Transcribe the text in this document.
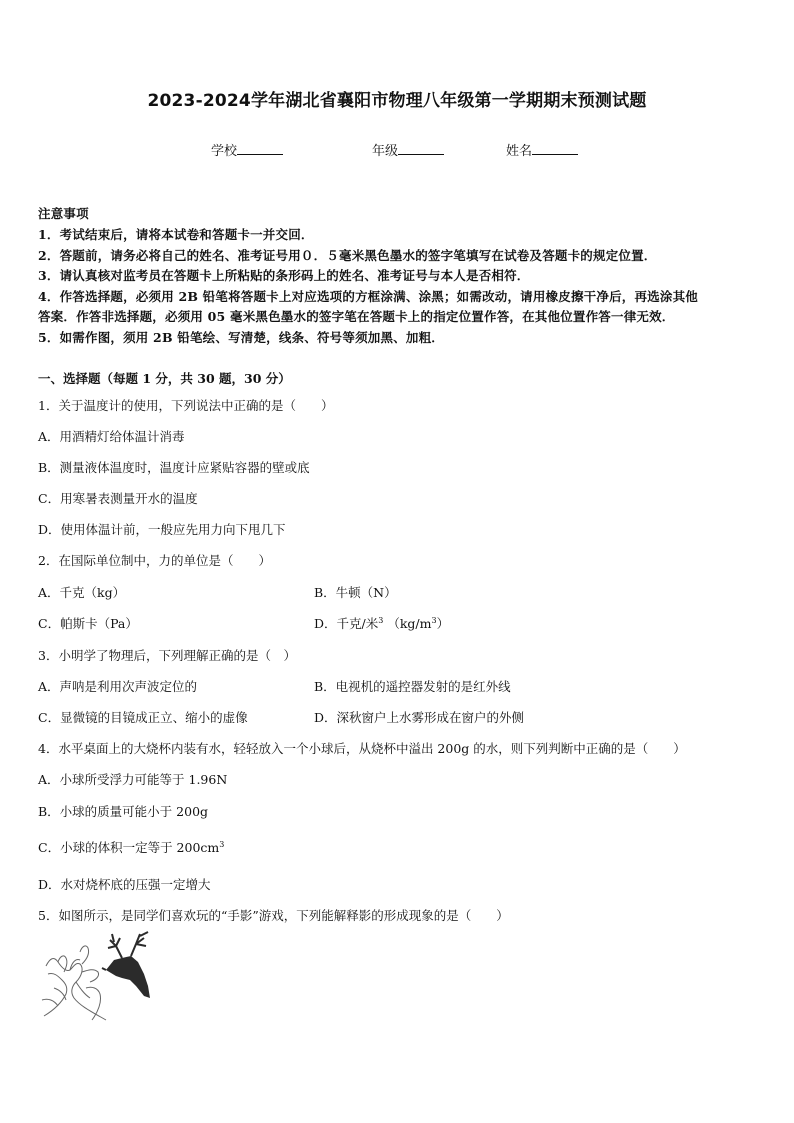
2023-2024学年湖北省襄阳市物理八年级第一学期期末预测试题
学校	年级	姓名
注意事项
1．考试结束后，请将本试卷和答题卡一并交回．
2．答题前，请务必将自己的姓名、准考证号用０．５毫米黑色墨水的签字笔填写在试卷及答题卡的规定位置．
3．请认真核对监考员在答题卡上所粘贴的条形码上的姓名、准考证号与本人是否相符．
4．作答选择题，必须用 2B 铅笔将答题卡上对应选项的方框涂满、涂黑；如需改动，请用橡皮擦干净后，再选涂其他
答案．作答非选择题，必须用 05 毫米黑色墨水的签字笔在答题卡上的指定位置作答，在其他位置作答一律无效．
5．如需作图，须用 2B 铅笔绘、写清楚，线条、符号等须加黑、加粗．
一、选择题（每题 1 分，共 30 题，30 分）
1．关于温度计的使用，下列说法中正确的是（　　）
A．用酒精灯给体温计消毒
B．测量液体温度时，温度计应紧贴容器的壁或底
C．用寒暑表测量开水的温度
D．使用体温计前，一般应先用力向下甩几下
2．在国际单位制中，力的单位是（　　）
A．千克（kg）	B．牛顿（N）
C．帕斯卡（Pa）	D．千克/米$^3$ $(kg/m^3)$
3．小明学了物理后，下列理解正确的是（　）
A．声呐是利用次声波定位的	B．电视机的遥控器发射的是红外线
C．显微镜的目镜成正立、缩小的虚像	D．深秋窗户上水雾形成在窗户的外侧
4．水平桌面上的大烧杯内装有水，轻轻放入一个小球后，从烧杯中溢出 200g 的水，则下列判断中正确的是（　　）
A．小球所受浮力可能等于 1.96N
B．小球的质量可能小于 200g
C．小球的体积一定等于 $200cm^3$
D．水对烧杯底的压强一定增大
5．如图所示，是同学们喜欢玩的“手影”游戏，下列能解释影的形成现象的是（　　）
